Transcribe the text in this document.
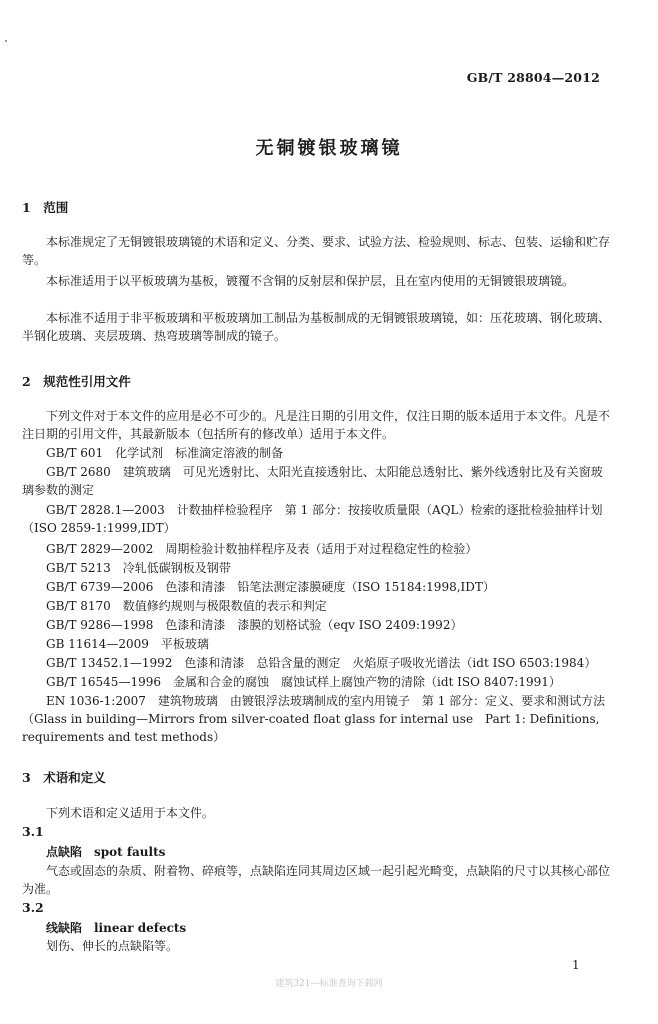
GB/T 28804—2012
无铜镀银玻璃镜
1　范围
本标准规定了无铜镀银玻璃镜的术语和定义、分类、要求、试验方法、检验规则、标志、包装、运输和贮存等。
本标准适用于以平板玻璃为基板，镀覆不含铜的反射层和保护层，且在室内使用的无铜镀银玻璃镜。
本标准不适用于非平板玻璃和平板玻璃加工制品为基板制成的无铜镀银玻璃镜，如：压花玻璃、钢化玻璃、半钢化玻璃、夹层玻璃、热弯玻璃等制成的镜子。
2　规范性引用文件
下列文件对于本文件的应用是必不可少的。凡是注日期的引用文件，仅注日期的版本适用于本文件。凡是不注日期的引用文件，其最新版本（包括所有的修改单）适用于本文件。
GB/T 601　化学试剂　标准滴定溶液的制备
GB/T 2680　建筑玻璃　可见光透射比、太阳光直接透射比、太阳能总透射比、紫外线透射比及有关窗玻璃参数的测定
GB/T 2828.1—2003　计数抽样检验程序　第 1 部分：按接收质量限（AQL）检索的逐批检验抽样计划（ISO 2859-1:1999,IDT）
GB/T 2829—2002　周期检验计数抽样程序及表（适用于对过程稳定性的检验）
GB/T 5213　冷轧低碳钢板及钢带
GB/T 6739—2006　色漆和清漆　铅笔法测定漆膜硬度（ISO 15184:1998,IDT）
GB/T 8170　数值修约规则与极限数值的表示和判定
GB/T 9286—1998　色漆和清漆　漆膜的划格试验（eqv ISO 2409:1992）
GB 11614—2009　平板玻璃
GB/T 13452.1—1992　色漆和清漆　总铅含量的测定　火焰原子吸收光谱法（idt ISO 6503:1984）
GB/T 16545—1996　金属和合金的腐蚀　腐蚀试样上腐蚀产物的清除（idt ISO 8407:1991）
EN 1036-1:2007　建筑物玻璃　由镀银浮法玻璃制成的室内用镜子　第 1 部分：定义、要求和测试方法（Glass in building—Mirrors from silver-coated float glass for internal use　Part 1: Definitions, requirements and test methods）
3　术语和定义
下列术语和定义适用于本文件。
3.1
点缺陷　spot faults
气态或固态的杂质、附着物、碎痕等，点缺陷连同其周边区域一起引起光畸变，点缺陷的尺寸以其核心部位为准。
3.2
线缺陷　linear defects
划伤、伸长的点缺陷等。
1
建筑321---标准查询下载网
